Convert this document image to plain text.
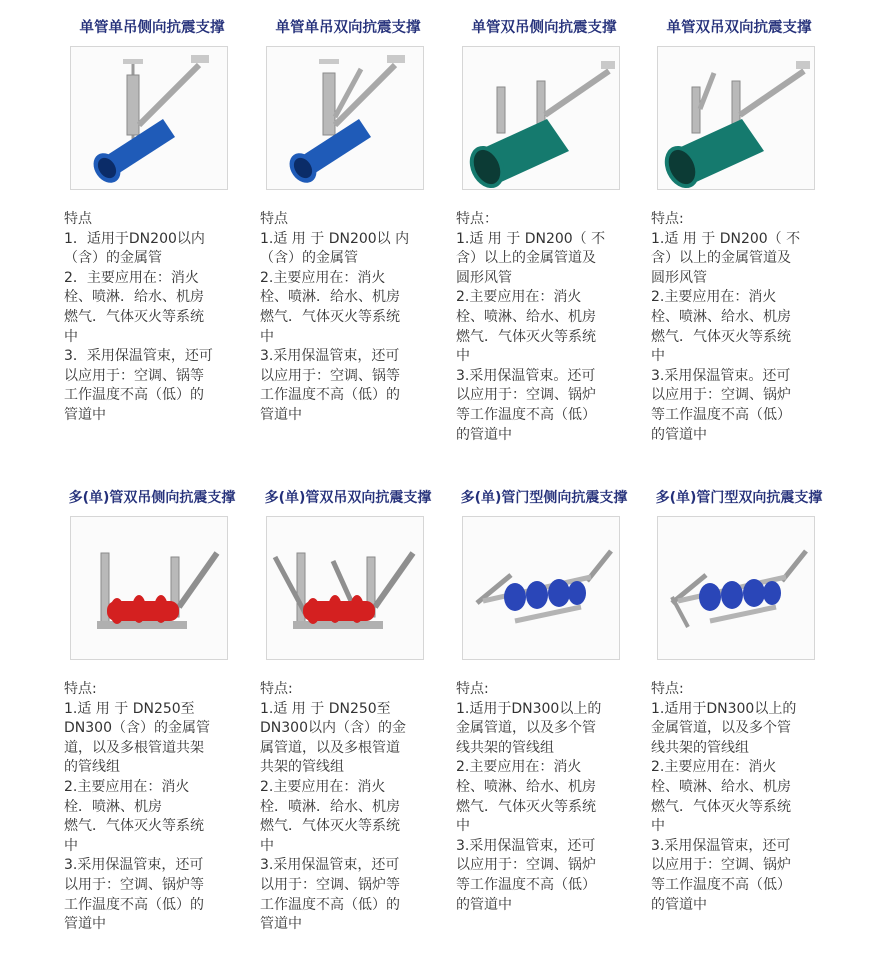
单管单吊侧向抗震支撑
特点
1．适用于DN200以内
（含）的金属管
2．主要应用在：消火
栓、喷淋．给水、机房
燃气．气体灭火等系统
中
3．采用保温管束，还可
以应用于：空调、锅等
工作温度不高（低）的
管道中
单管单吊双向抗震支撑
特点
1.适 用 于 DN200以 内
（含）的金属管
2.主要应用在：消火
栓、喷淋．给水、机房
燃气．气体灭火等系统
中
3.采用保温管束，还可
以应用于：空调、锅等
工作温度不高（低）的
管道中
单管双吊侧向抗震支撑
特点：
1.适 用 于 DN200（ 不
含）以上的金属管道及
圆形风管
2.主要应用在：消火
栓、喷淋、给水、机房
燃气．气体灭火等系统
中
3.采用保温管束。还可
以应用于：空调、锅炉
等工作温度不高（低）
的管道中
单管双吊双向抗震支撑
特点:
1.适 用 于 DN200（ 不
含）以上的金属管道及
圆形风管
2.主要应用在：消火
栓、喷淋、给水、机房
燃气．气体灭火等系统
中
3.采用保温管束。还可
以应用于：空调、锅炉
等工作温度不高（低）
的管道中
多(单)管双吊侧向抗震支撑
特点:
1.适 用 于 DN250至
DN300（含）的金属管
道，以及多根管道共架
的管线组
2.主要应用在：消火
栓．喷淋、机房
燃气．气体灭火等系统
中
3.采用保温管束，还可
以用于：空调、锅炉等
工作温度不高（低）的
管道中
多(单)管双吊双向抗震支撑
特点:
1.适 用 于 DN250至
DN300以内（含）的金
属管道，以及多根管道
共架的管线组
2.主要应用在：消火
栓．喷淋．给水、机房
燃气．气体灭火等系统
中
3.采用保温管束，还可
以用于：空调、锅炉等
工作温度不高（低）的
管道中
多(单)管门型侧向抗震支撑
特点:
1.适用于DN300以上的
金属管道，以及多个管
线共架的管线组
2.主要应用在：消火
栓、喷淋、给水、机房
燃气．气体灭火等系统
中
3.采用保温管束，还可
以应用于：空调、锅炉
等工作温度不高（低）
的管道中
多(单)管门型双向抗震支撑
特点:
1.适用于DN300以上的
金属管道，以及多个管
线共架的管线组
2.主要应用在：消火
栓、喷淋、给水、机房
燃气．气体灭火等系统
中
3.采用保温管束，还可
以应用于：空调、锅炉
等工作温度不高（低）
的管道中
